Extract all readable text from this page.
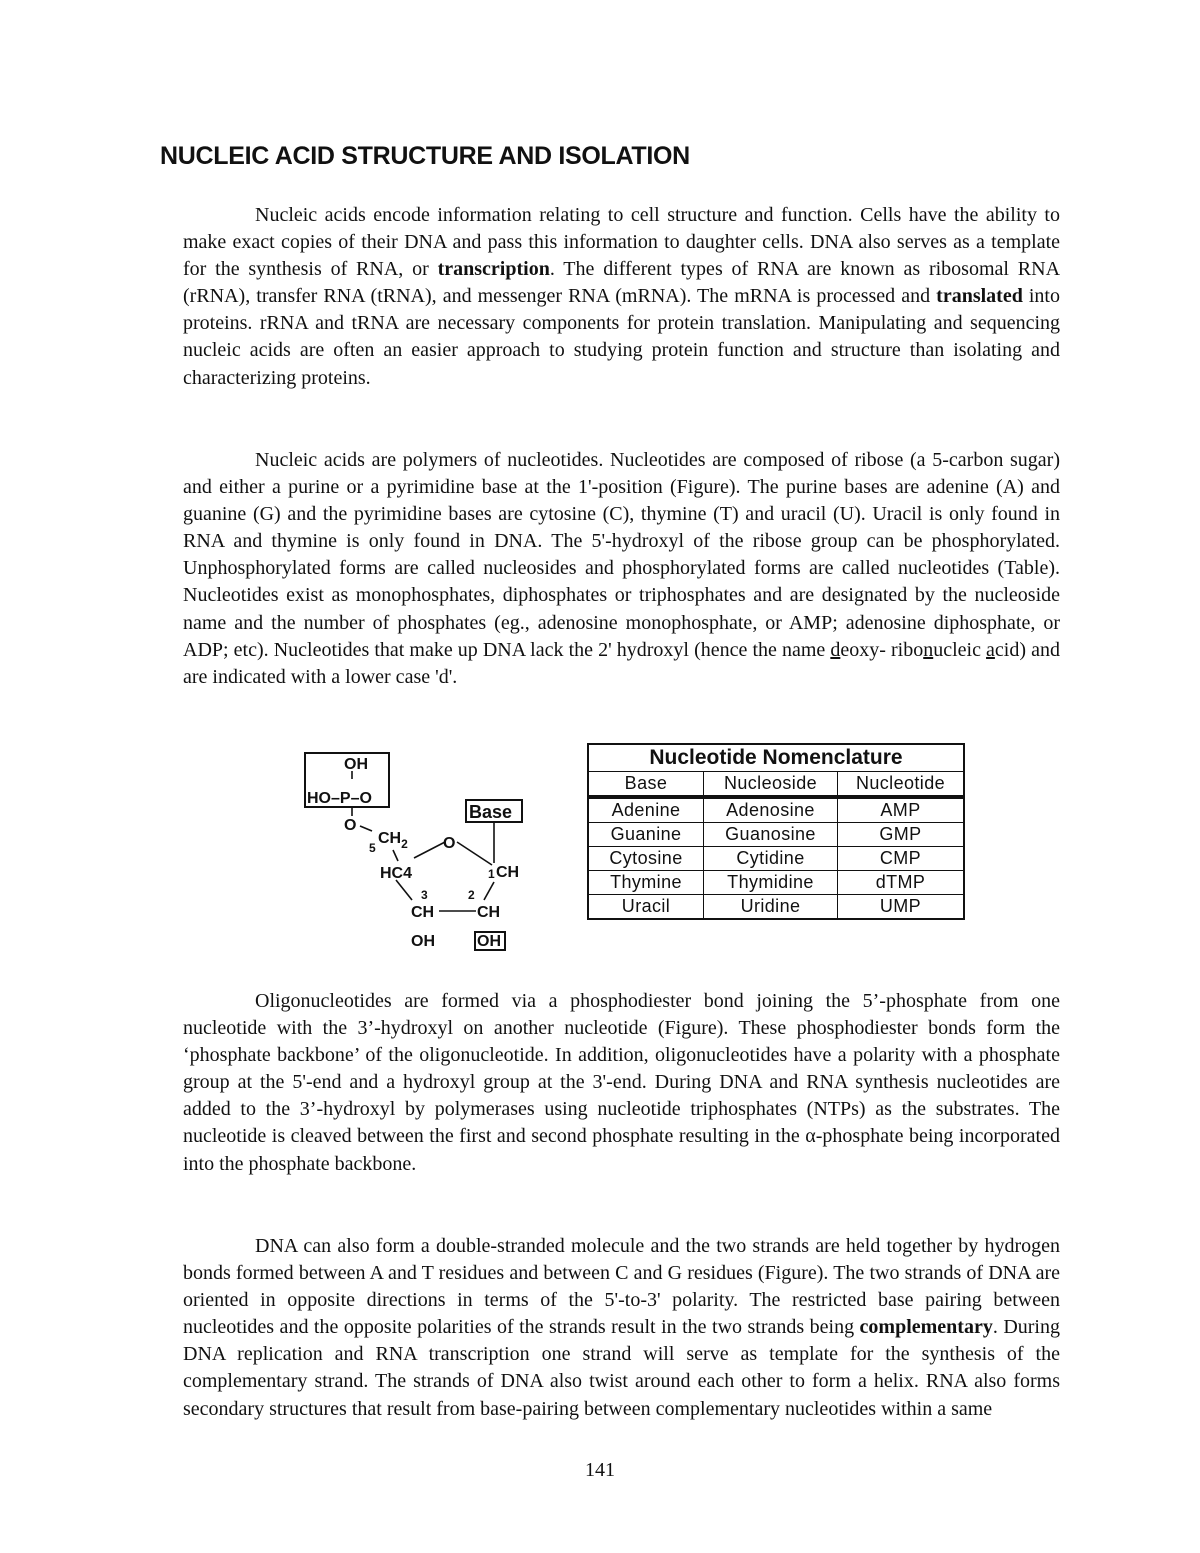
NUCLEIC ACID STRUCTURE AND ISOLATION

Nucleic acids encode information relating to cell structure and function. Cells have the ability to make exact copies of their DNA and pass this information to daughter cells. DNA also serves as a template for the synthesis of RNA, or transcription. The different types of RNA are known as ribosomal RNA (rRNA), transfer RNA (tRNA), and messenger RNA (mRNA). The mRNA is processed and translated into proteins. rRNA and tRNA are necessary components for protein translation. Manipulating and sequencing nucleic acids are often an easier approach to studying protein function and structure than isolating and characterizing proteins.

Nucleic acids are polymers of nucleotides. Nucleotides are composed of ribose (a 5-carbon sugar) and either a purine or a pyrimidine base at the 1'-position (Figure). The purine bases are adenine (A) and guanine (G) and the pyrimidine bases are cytosine (C), thymine (T) and uracil (U). Uracil is only found in RNA and thymine is only found in DNA. The 5'-hydroxyl of the ribose group can be phosphorylated. Unphosphorylated forms are called nucleosides and phosphorylated forms are called nucleotides (Table). Nucleotides exist as monophosphates, diphosphates or triphosphates and are designated by the nucleoside name and the number of phosphates (eg., adenosine monophosphate, or AMP; adenosine diphosphate, or ADP; etc). Nucleotides that make up DNA lack the 2' hydroxyl (hence the name deoxy- ribonucleic acid) and are indicated with a lower case 'd'.

OH
HO–P–O
O
5
$CH_2$ O
HC4	1 CH
3	2
CH	CH
OH	OH
Base
Nucleotide Nomenclature		
Base	Nucleoside	Nucleotide
Adenine	Adenosine	AMP
Guanine	Guanosine	GMP
Cytosine	Cytidine	CMP
Thymine	Thymidine	dTMP
Uracil	Uridine	UMP

Oligonucleotides are formed via a phosphodiester bond joining the 5’-phosphate from one nucleotide with the 3’-hydroxyl on another nucleotide (Figure). These phosphodiester bonds form the ‘phosphate backbone’ of the oligonucleotide. In addition, oligonucleotides have a polarity with a phosphate group at the 5'-end and a hydroxyl group at the 3'-end. During DNA and RNA synthesis nucleotides are added to the 3’-hydroxyl by polymerases using nucleotide triphosphates (NTPs) as the substrates. The nucleotide is cleaved between the first and second phosphate resulting in the α-phosphate being incorporated into the phosphate backbone.

DNA can also form a double-stranded molecule and the two strands are held together by hydrogen bonds formed between A and T residues and between C and G residues (Figure). The two strands of DNA are oriented in opposite directions in terms of the 5'-to-3' polarity. The restricted base pairing between nucleotides and the opposite polarities of the strands result in the two strands being complementary. During DNA replication and RNA transcription one strand will serve as template for the synthesis of the complementary strand. The strands of DNA also twist around each other to form a helix. RNA also forms secondary structures that result from base-pairing between complementary nucleotides within a same

141
